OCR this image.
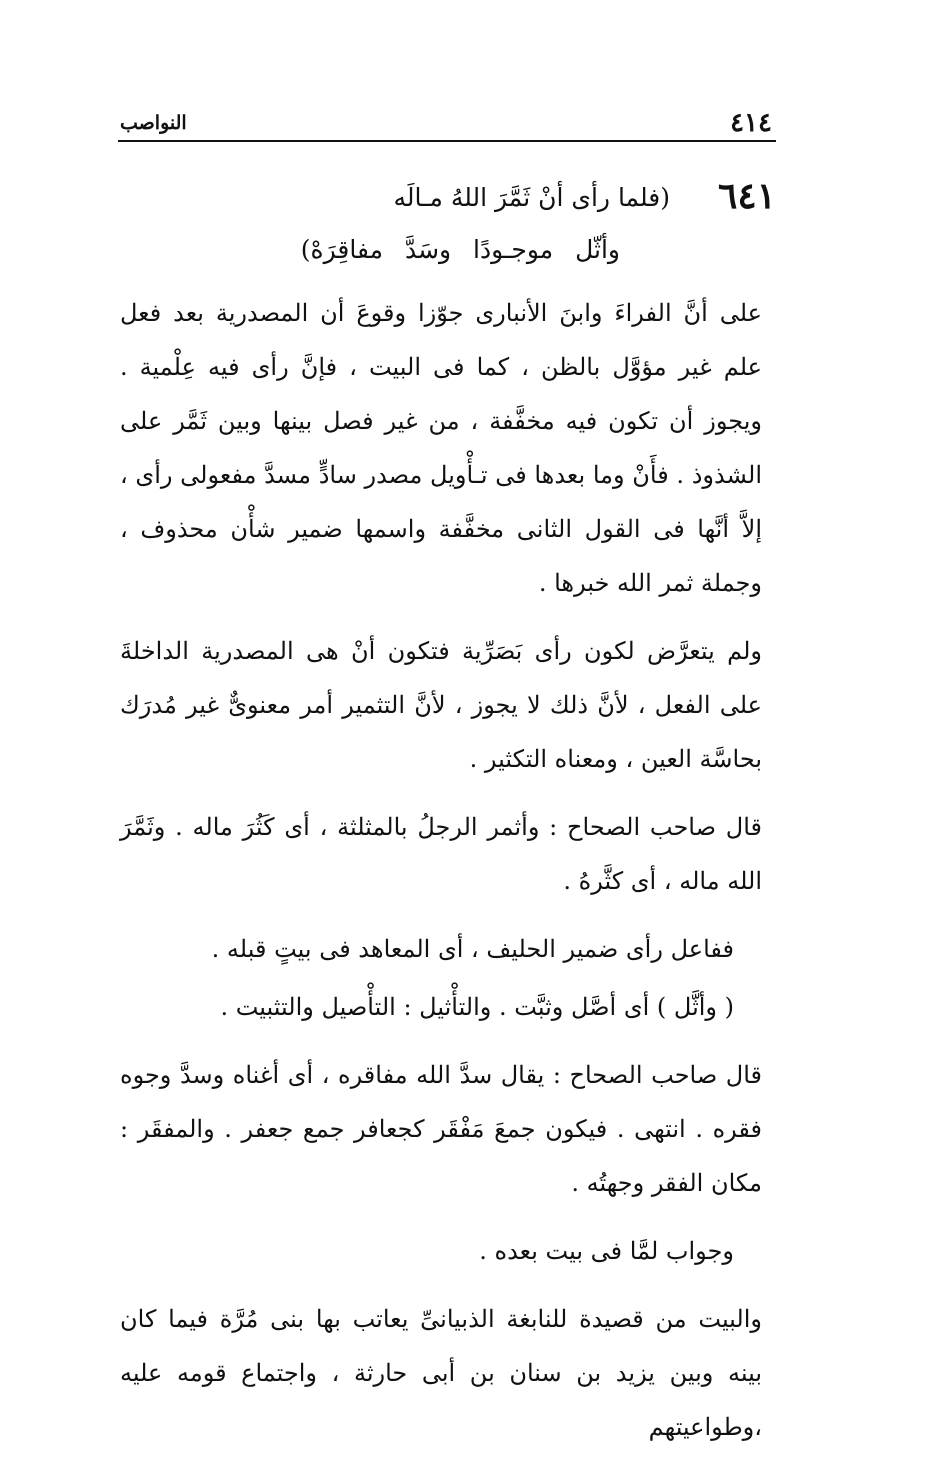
٤١٤
النواصب
٦٤١
(فلما رأى أنْ ثَمَّرَ اللهُ مـالَه
وأثّل موجـودًا وسَدَّ مفاقِرَهْ)

على أنَّ الفراءَ وابنَ الأنبارى جوّزا وقوعَ أن المصدرية بعد فعل علم غير مؤوَّل بالظن ، كما فى البيت ، فإنَّ رأى فيه عِلْمية . ويجوز أن تكون فيه مخفَّفة ، من غير فصل بينها وبين ثَمَّر على الشذوذ . فأَنْ وما بعدها فى تـأْويل مصدر سادٍّ مسدَّ مفعولى رأى ، إلاَّ أنَّها فى القول الثانى مخفَّفة واسمها ضمير شأْن محذوف ، وجملة ثمر الله خبرها .

ولم يتعرَّض لكون رأى بَصَرِّية فتكون أنْ هى المصدرية الداخلةَ على الفعل ، لأنَّ ذلك لا يجوز ، لأنَّ التثمير أمر معنوىٌّ غير مُدرَك بحاسَّة العين ، ومعناه التكثير .

قال صاحب الصحاح : وأثمر الرجلُ بالمثلثة ، أى كَثُرَ ماله . وثَمَّرَ الله ماله ، أى كثَّرهُ .

ففاعل رأى ضمير الحليف ، أى المعاهد فى بيتٍ قبله .

( وأثَّل ) أى أصَّل وثبَّت . والتأْثيل : التأْصيل والتثبيت .

قال صاحب الصحاح : يقال سدَّ الله مفاقره ، أى أغناه وسدَّ وجوه فقره . انتهى . فيكون جمعَ مَفْقَر كجعافر جمع جعفر . والمفقَر : مكان الفقر وجهتُه .

وجواب لمَّا فى بيت بعده .

والبيت من قصيدة للنابغة الذبيانىِّ يعاتب بها بنى مُرَّة فيما كان بينه وبين يزيد بن سنان بن أبى حارثة ، واجتماع قومه عليه ،وطواعيتهم
